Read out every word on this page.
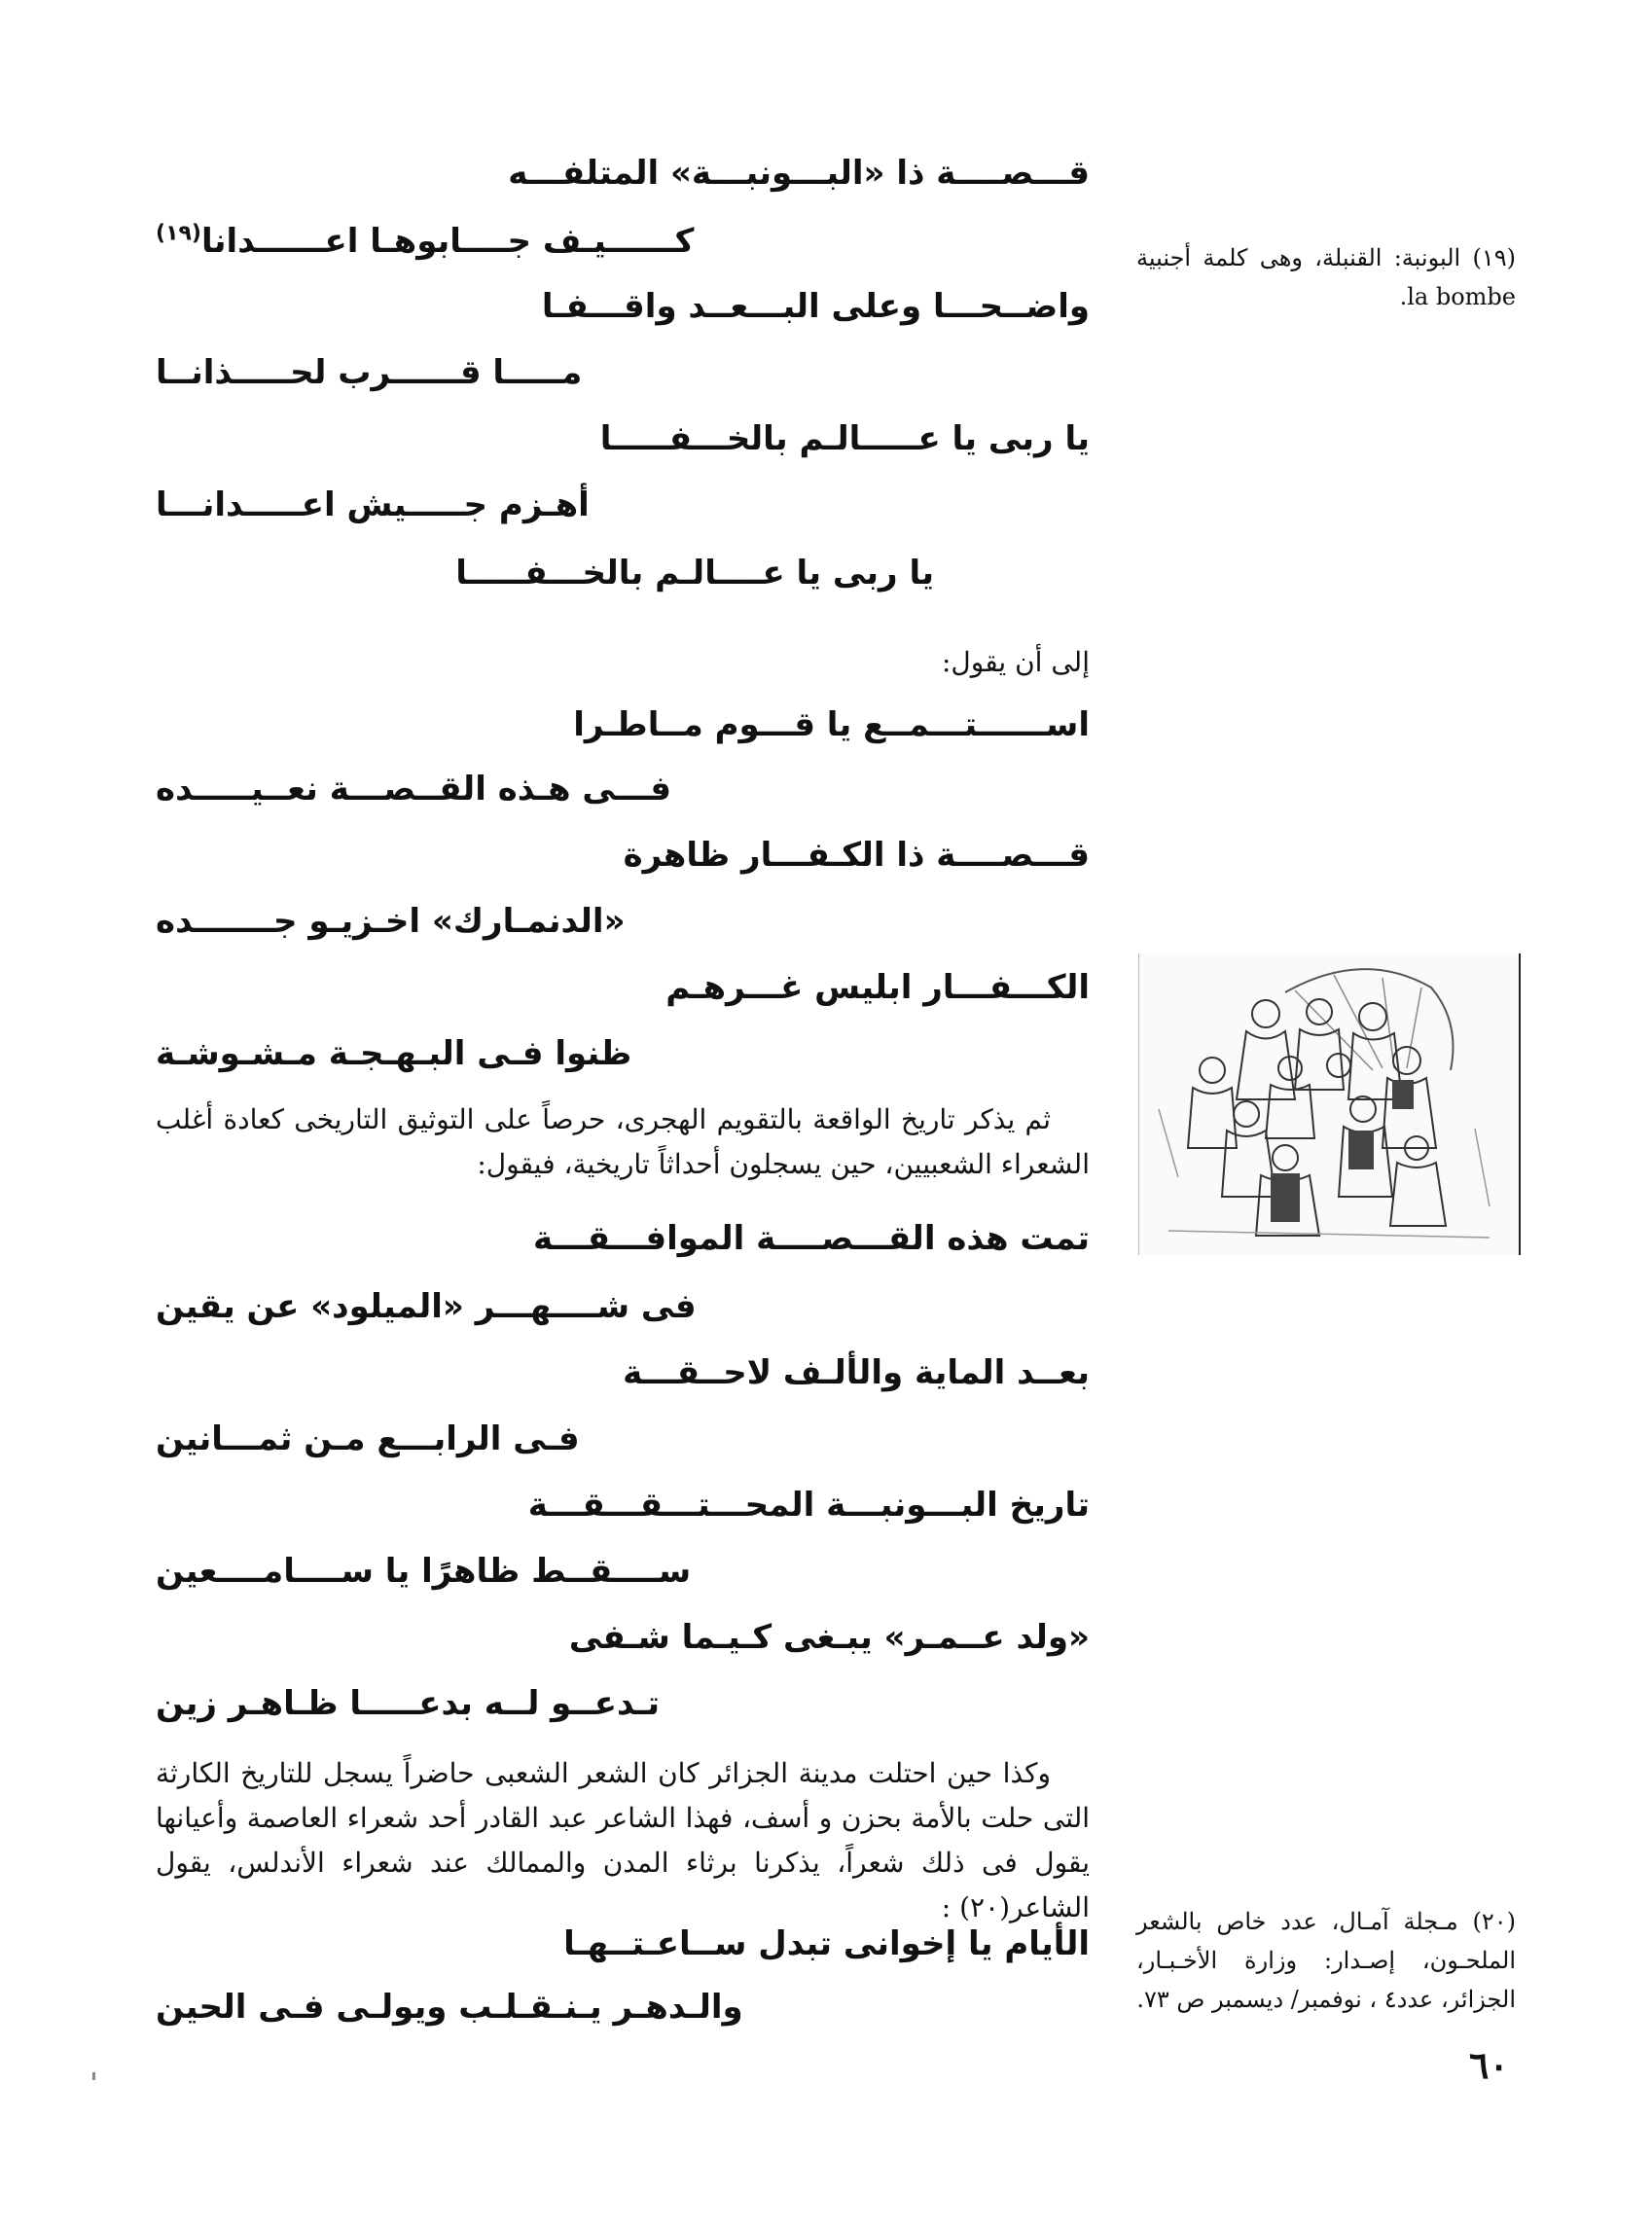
قـــصــــة ذا «البـــونبـــة» المتلفـــه
كــــــيـف جــــابوهـا اعــــــدانا$^{(١٩)}$
واضــحـــا وعلى البـــعــد واقـــفـا
مـــــا قــــــرب لحـــــذانــا
يا ربى يا عـــــالـم بالخـــفـــــا
أهـزم جـــــيش اعـــــدانـــا
يا ربى يا عــــالـم بالخـــفـــــا
إلى أن يقول:
اســــــتـــمــع يا قـــوم مــاطـرا
فـــى هـذه القــصـــة نعــيـــــده
قـــصــــة ذا الكـفـــار ظاهرة
«الدنمـارك» اخـزيـو جـــــــده
الكـــفـــار ابليس غـــرهـم
ظنوا فـى البـهـجـة مـشـوشـة
ثم يذكر تاريخ الواقعة بالتقويم الهجرى، حرصاً على التوثيق التاريخى كعادة أغلب الشعراء الشعبيين، حين يسجلون أحداثاً تاريخية، فيقول:
تمت هذه القـــصــــة الموافـــقـــة
فى شــــهـــر «الميلود» عن يقين
بعــد الماية والألـف لاحــقـــة
فـى الرابـــع مـن ثمـــانين
تاريخ البـــونبـــة المحـــتـــقـــقـــة
ســــقــط ظاهرًا يا ســــامــــعين
«ولد عــمـر» يبـغى كـيـما شـفى
تـدعــو لــه بدعـــــا ظـاهـر زين
وكذا حين احتلت مدينة الجزائر كان الشعر الشعبى حاضراً يسجل للتاريخ الكارثة التى حلت بالأمة بحزن و أسف، فهذا الشاعر عبد القادر أحد شعراء العاصمة وأعيانها يقول فى ذلك شعراً، يذكرنا برثاء المدن والممالك عند شعراء الأندلس، يقول الشاعر(٢٠) :
الأيام يا إخوانى تبدل ســاعـتــهـا
والـدهـر يـنـقـلـب ويولـى فـى الحين
(١٩) البونبة: القنبلة، وهى كلمة أجنبية la bombe.
(٢٠) مـجلة آمـال، عدد خاص بالشعر الملحـون، إصـدار: وزارة الأخـبـار، الجزائر، عدد٤ ، نوفمبر/ ديسمبر ص ٧٣.
٦٠
